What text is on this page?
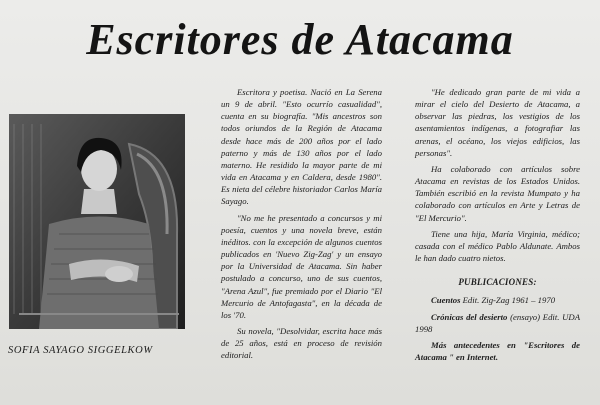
Escritores de Atacama
SOFIA SAYAGO SIGGELKOW

Escritora y poetisa. Nació en La Serena un 9 de abril. "Esto ocurrío casualidad", cuenta en su biografía. "Mis ancestros son todos oriundos de la Región de Atacama desde hace más de 200 años por el lado paterno y más de 130 años por el lado materno. He residido la mayor parte de mi vida en Atacama y en Caldera, desde 1980". Es nieta del célebre historiador Carlos María Sayago.

"No me he presentado a concursos y mi poesía, cuentos y una novela breve, están inéditos. con la excepción de algunos cuentos publicados en 'Nuevo Zig-Zag' y un ensayo por la Universidad de Atacama. Sin haber postulado a concurso, uno de sus cuentos, "Arena Azul", fue premiado por el Diario "El Mercurio de Antofagasta", en la década de los '70.

Su novela, "Desolvidar, escrita hace más de 25 años, está en proceso de revisión editorial.

"He dedicado gran parte de mi vida a mirar el cielo del Desierto de Atacama, a observar las piedras, los vestigios de los asentamientos indígenas, a fotografiar las arenas, el océano, los viejos edificios, las personas".

Ha colaborado con artículos sobre Atacama en revistas de los Estados Unidos. También escribió en la revista Mumpato y ha colaborado con artículos en Arte y Letras de "El Mercurio".

Tiene una hija, María Virginia, médico; casada con el médico Pablo Aldunate. Ambos le han dado cuatro nietos.

PUBLICACIONES:

Cuentos Edit. Zig-Zag 1961 – 1970

Crónicas del desierto (ensayo) Edit. UDA 1998

Más antecedentes en "Escritores de Atacama " en Internet.
